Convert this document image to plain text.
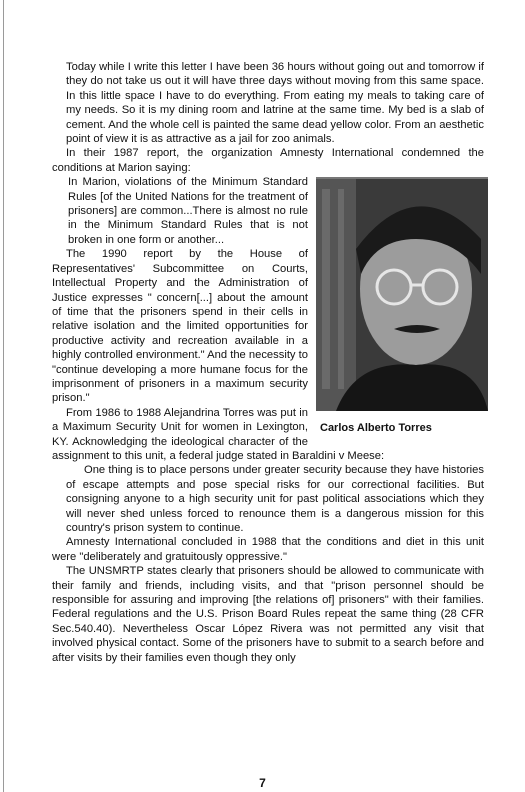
Today while I write this letter I have been 36 hours without going out and tomorrow if they do not take us out it will have three days without moving from this same space. In this little space I have to do everything. From eating my meals to taking care of my needs. So it is my dining room and latrine at the same time. My bed is a slab of cement. And the whole cell is painted the same dead yellow color. From an aesthetic point of view it is as attractive as a jail for zoo animals.

In their 1987 report, the organization Amnesty International condemned the conditions at Marion saying:

Carlos Alberto Torres

In Marion, violations of the Minimum Standard Rules [of the United Nations for the treatment of prisoners] are common...There is almost no rule in the Minimum Standard Rules that is not broken in one form or another...

The 1990 report by the House of Representatives' Subcommittee on Courts, Intellectual Property and the Administration of Justice expresses " concern[...] about the amount of time that the prisoners spend in their cells in relative isolation and the limited opportunities for productive activity and recreation available in a highly controlled environment." And the necessity to "continue developing a more humane focus for the imprisonment of prisoners in a maximum security prison."

From 1986 to 1988 Alejandrina Torres was put in a Maximum Security Unit for women in Lexington, KY. Acknowledging the ideological character of the assignment to this unit, a federal judge stated in Baraldini v Meese:

One thing is to place persons under greater security because they have histories of escape attempts and pose special risks for our correctional facilities. But consigning anyone to a high security unit for past political associations which they will never shed unless forced to renounce them is a dangerous mission for this country's prison system to continue.

Amnesty International concluded in 1988 that the conditions and diet in this unit were "deliberately and gratuitously oppressive."

The UNSMRTP states clearly that prisoners should be allowed to communicate with their family and friends, including visits, and that "prison personnel should be responsible for assuring and improving [the relations of] prisoners" with their families. Federal regulations and the U.S. Prison Board Rules repeat the same thing (28 CFR Sec.540.40). Nevertheless Oscar López Rivera was not permitted any visit that involved physical contact. Some of the prisoners have to submit to a search before and after visits by their families even though they only

7
